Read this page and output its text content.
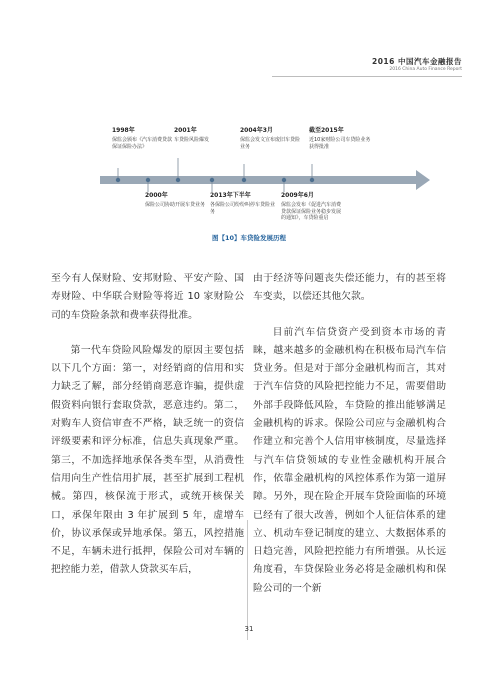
2016 中国汽车金融报告
2016 China Auto Finance Report
1998年
保监会颁布《汽车消费贷款保证保险办法》
2000年
保险公司协助开展车贷业务
2001年
车贷险风险爆发
2013年下半年
各保险公司纷纷叫停车贷险业务
2004年3月
保监会发文宣布废旧车贷险业务
2009年6月
保监会发布《促进汽车消费贷款保证保险业务稳步发展的通知》，车贷险重启
截至2015年
近10家财险公司车贷险业务获得批准
图【10】车贷险发展历程

至今有人保财险、安邦财险、平安产险、国寿财险、中华联合财险等将近 10 家财险公司的车贷险条款和费率获得批准。

第一代车贷险风险爆发的原因主要包括以下几个方面：第一，对经销商的信用和实力缺乏了解，部分经销商恶意诈骗，提供虚假资料向银行套取贷款，恶意违约。第二，对购车人资信审查不严格，缺乏统一的资信评级要素和评分标准，信息失真现象严重。第三，不加选择地承保各类车型，从消费性信用向生产性信用扩展，甚至扩展到工程机械。第四，核保流于形式，或统开核保关口，承保年限由 3 年扩展到 5 年，虚增车价，协议承保或异地承保。第五，风控措施不足，车辆未进行抵押，保险公司对车辆的把控能力差，借款人贷款买车后，

由于经济等问题丧失偿还能力，有的甚至将车变卖，以偿还其他欠款。

目前汽车信贷资产受到资本市场的青睐，越来越多的金融机构在积极布局汽车信贷业务。但是对于部分金融机构而言，其对于汽车信贷的风险把控能力不足，需要借助外部手段降低风险，车贷险的推出能够满足金融机构的诉求。保险公司应与金融机构合作建立和完善个人信用审核制度，尽量选择与汽车信贷领域的专业性金融机构开展合作，依靠金融机构的风控体系作为第一道屏障。另外，现在险企开展车贷险面临的环境已经有了很大改善，例如个人征信体系的建立、机动车登记制度的建立、大数据体系的日趋完善，风险把控能力有所增强。从长远角度看，车贷保险业务必将是金融机构和保险公司的一个新

31
